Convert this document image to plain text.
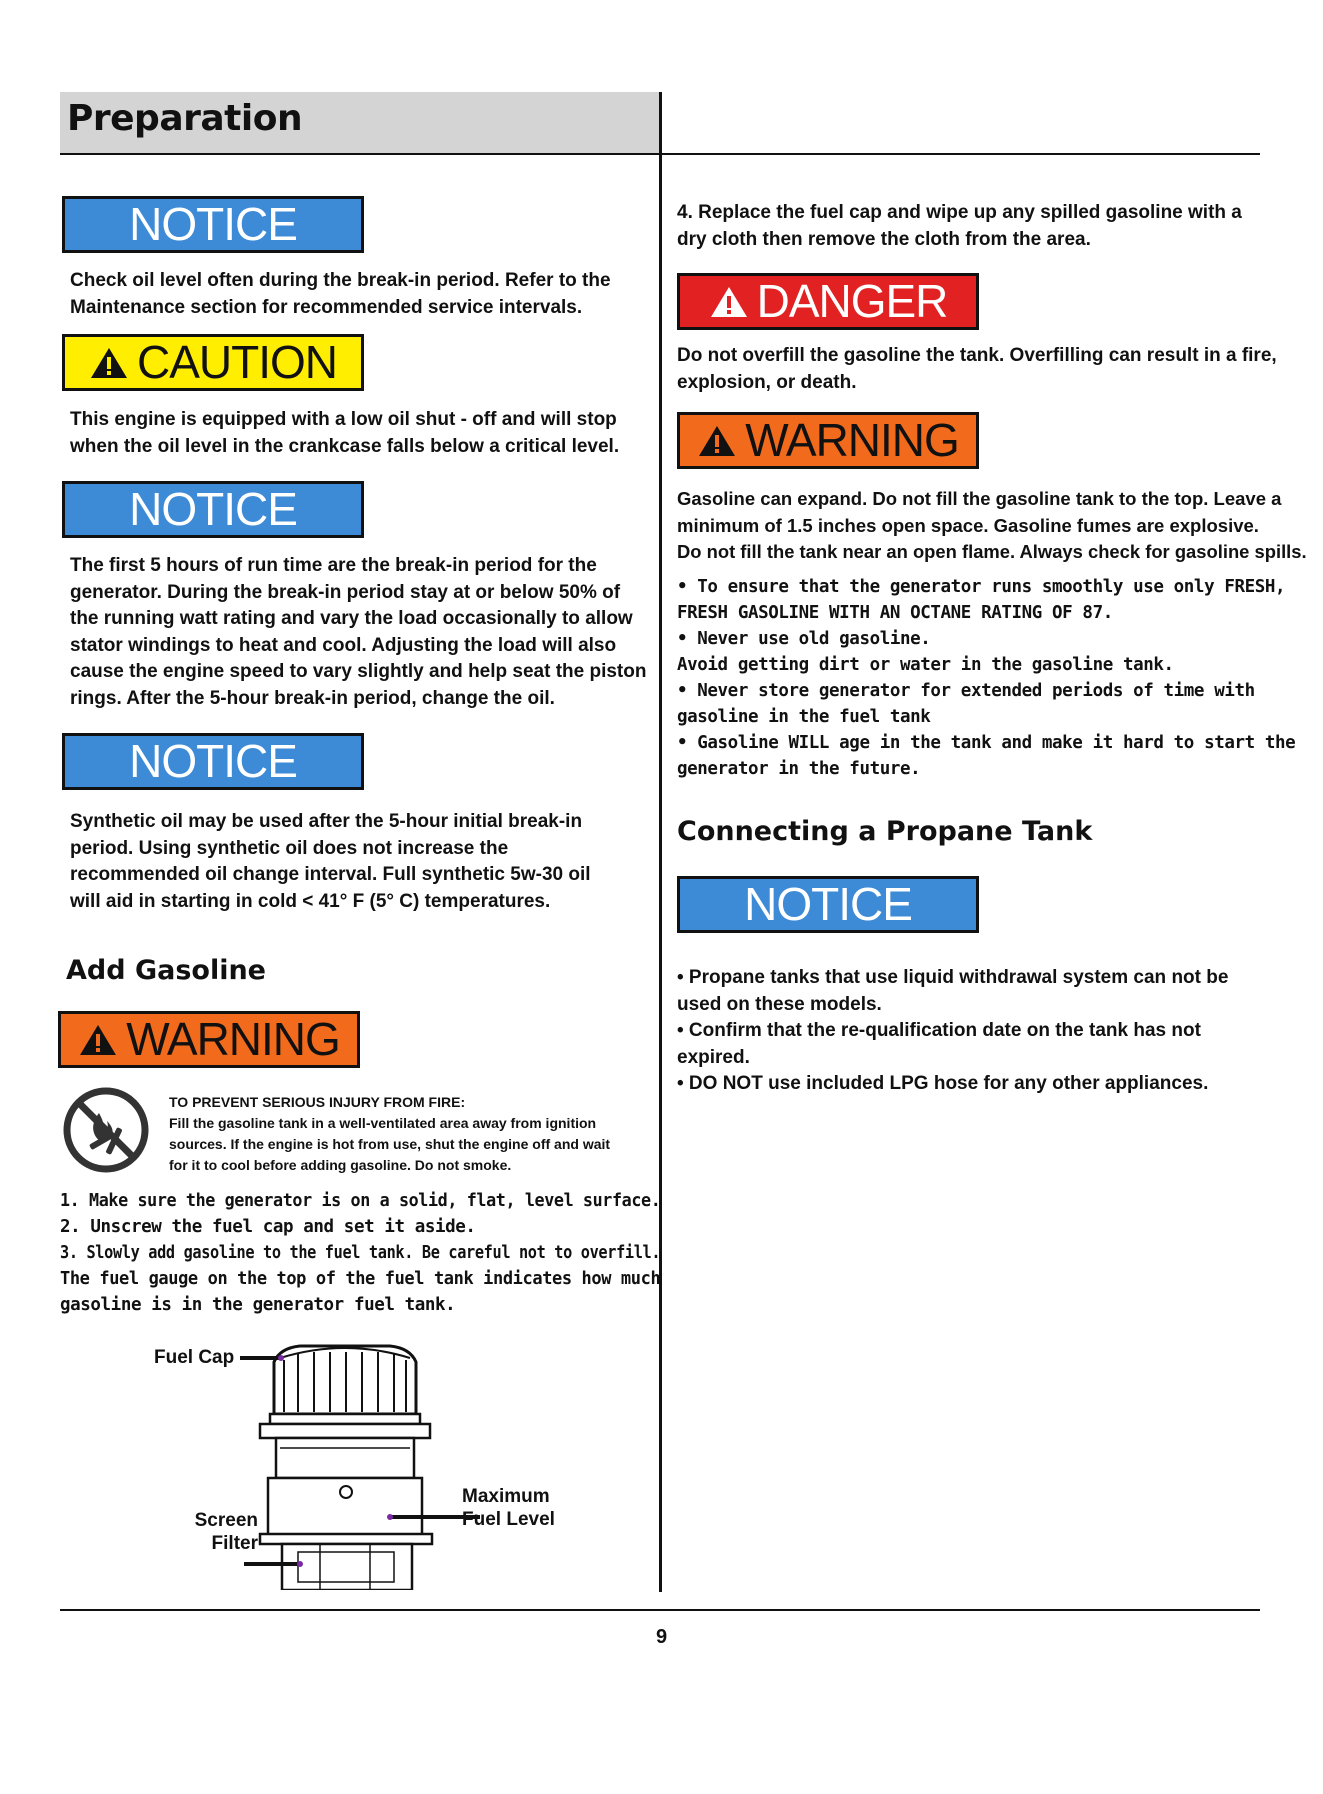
Preparation
NOTICE
Check oil level often during the break-in period. Refer to the
Maintenance section for recommended service intervals.
CAUTION
This engine is equipped with a low oil shut - off and will stop
when the oil level in the crankcase falls below a critical level.
NOTICE
The first 5 hours of run time are the break-in period for the
generator. During the break-in period stay at or below 50% of
the running watt rating and vary the load occasionally to allow
stator windings to heat and cool. Adjusting the load will also
cause the engine speed to vary slightly and help seat the piston
rings. After the 5-hour break-in period, change the oil.
NOTICE
Synthetic oil may be used after the 5-hour initial break-in
period. Using synthetic oil does not increase the
recommended oil change interval. Full synthetic 5w-30 oil
will aid in starting in cold < 41° F (5° C) temperatures.
Add Gasoline
WARNING
TO PREVENT SERIOUS INJURY FROM FIRE:
Fill the gasoline tank in a well-ventilated area away from ignition
sources. If the engine is hot from use, shut the engine off and wait
for it to cool before adding gasoline. Do not smoke.
1. Make sure the generator is on a solid, flat, level surface.
2. Unscrew the fuel cap and set it aside.
3. Slowly add gasoline to the fuel tank. Be careful not to overfill.
The fuel gauge on the top of the fuel tank indicates how much
gasoline is in the generator fuel tank.
Fuel Cap
Screen
Filter
Maximum
Fuel Level
4. Replace the fuel cap and wipe up any spilled gasoline with a
dry cloth then remove the cloth from the area.
DANGER
Do not overfill the gasoline the tank. Overfilling can result in a fire,
explosion, or death.
WARNING
Gasoline can expand. Do not fill the gasoline tank to the top. Leave a
minimum of 1.5 inches open space. Gasoline fumes are explosive.
Do not fill the tank near an open flame. Always check for gasoline spills.
• To ensure that the generator runs smoothly use only FRESH,
FRESH GASOLINE WITH AN OCTANE RATING OF 87.
• Never use old gasoline.
Avoid getting dirt or water in the gasoline tank.
• Never store generator for extended periods of time with
gasoline in the fuel tank
• Gasoline WILL age in the tank and make it hard to start the
generator in the future.
Connecting a Propane Tank
NOTICE
• Propane tanks that use liquid withdrawal system can not be
used on these models.
• Confirm that the re-qualification date on the tank has not
expired.
• DO NOT use included LPG hose for any other appliances.
9
